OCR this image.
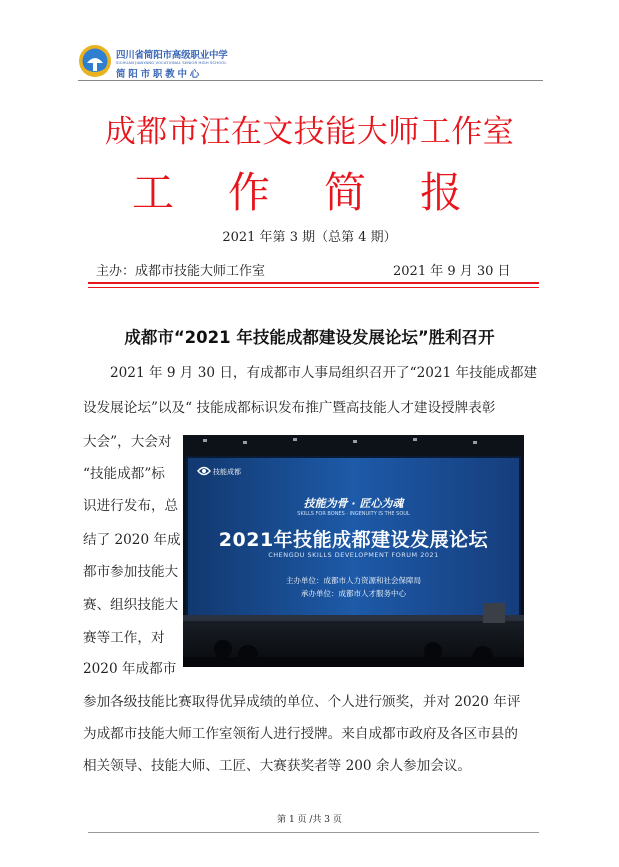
四川省简阳市高级职业中学
SICHUAN JIANYANG VOCATIONAL SENIOR HIGH SCHOOL
简阳市职教中心
成都市汪在文技能大师工作室
工 作 简 报
2021 年第 3 期（总第 4 期）
主办：成都市技能大师工作室	2021 年 9 月 30 日
成都市“2021 年技能成都建设发展论坛”胜利召开
2021 年 9 月 30 日，有成都市人事局组织召开了“2021 年技能成都建
设发展论坛”以及“ 技能成都标识发布推广暨高技能人才建设授牌表彰
大会”，大会对
“技能成都”标
识进行发布，总
结了 2020 年成
都市参加技能大
赛、组织技能大
赛等工作，对
2020 年成都市
参加各级技能比赛取得优异成绩的单位、个人进行颁奖，并对 2020 年评
为成都市技能大师工作室领衔人进行授牌。来自成都市政府及各区市县的
相关领导、技能大师、工匠、大赛获奖者等 200 余人参加会议。
技能成都
技能为骨 · 匠心为魂
SKILLS FOR BONES · INGENUITY IS THE SOUL
2021年技能成都建设发展论坛
CHENGDU SKILLS DEVELOPMENT FORUM 2021
主办单位：成都市人力资源和社会保障局
承办单位：成都市人才服务中心
第 1 页 /共 3 页
